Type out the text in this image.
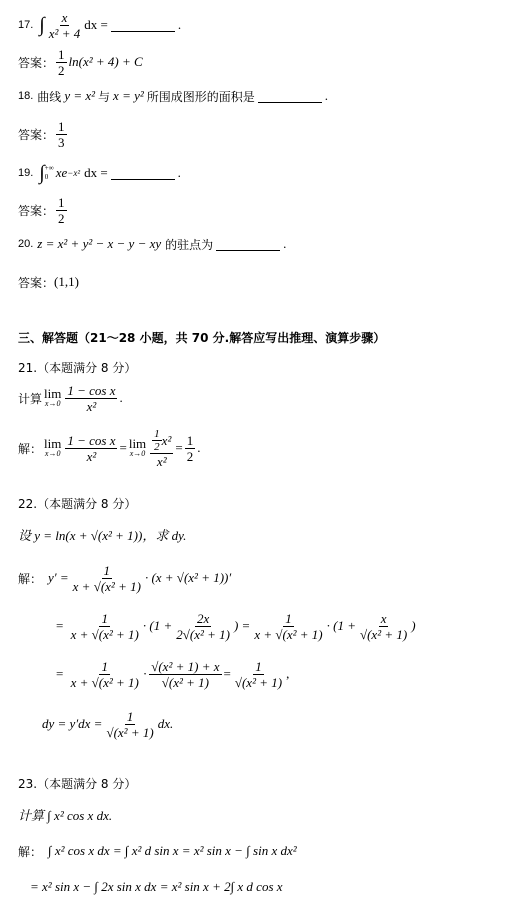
17. ∫ $\frac{x}{\text{x² + 4}}$ dx =	.
答案： $\frac{1}{2} \ln(x^2 + 4) + C$
18. 曲线 y = x² 与 x = y² 所围成图形的面积是	.
答案： $\frac{1}{3}$
19. ∫ +∞
0 xe −x² dx =	.
答案： $\frac{1}{2}$
20. z = x² + y² − x − y − xy 的驻点为	.
答案： (1,1)
三、解答题（21～28 小题，共 70 分.解答应写出推理、演算步骤）
21.（本题满分 8 分）
计算 lim
$x\to 0 \frac{\text{1 − cos x}}{\text{x²}}$ .
解： lim
$x\to 0 \frac{\text{1 − cos x}}{\text{x²}} = \lim$
$x\to 0 \frac{\frac{1}{2} x^2}{\text{x²}} = \frac{1}{2}$ .
22.（本题满分 8 分）
设 y = ln(x + √(x² + 1))，求 dy.
解： $y' = \frac{1}{\text{x + √(x² + 1)}} \cdot (x + √(x^2 + 1))'$
= $\frac{1}{\text{x + √(x² + 1)}} \cdot (1 + \frac{2x}{\text{2√(x² + 1)}}$ ) = $\frac{1}{\text{x + √(x² + 1)}} \cdot (1 + \frac{x}{\text{√(x² + 1)}}$ )
= $\frac{1}{\text{x + √(x² + 1)}} \cdot \frac{\text{√(x² + 1) + x}}{\text{√(x² + 1)}} = \frac{1}{\text{√(x² + 1)}}$ ,
dy = $y'dx = \frac{1}{\text{√(x² + 1)}}$ dx.
23.（本题满分 8 分）
计算 ∫ x² cos x dx.
解： ∫ x² cos x dx = ∫ x² d sin x = x² sin x − ∫ sin x dx²
= x² sin x − ∫ 2x sin x dx = x² sin x + 2∫ x d cos x
